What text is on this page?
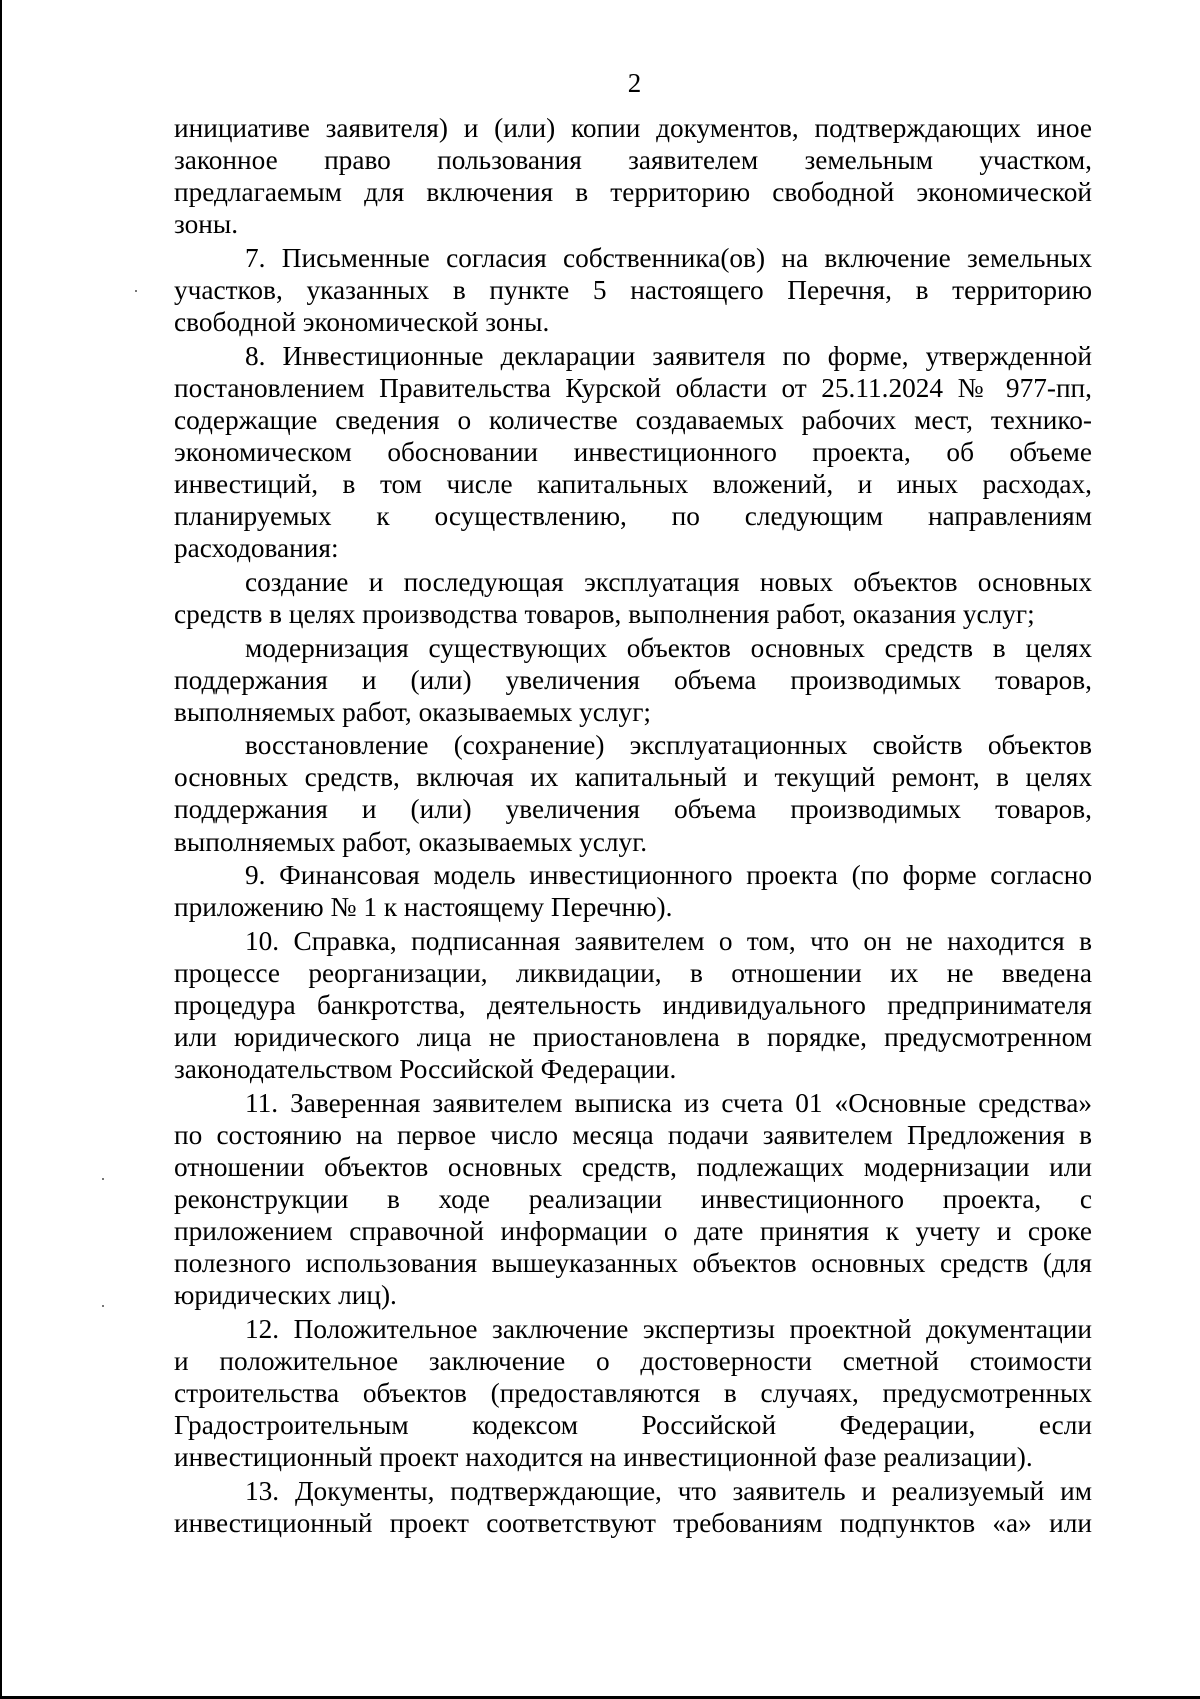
2
инициативе заявителя) и (или) копии документов, подтверждающих иное
законное право пользования заявителем земельным участком,
предлагаемым для включения в территорию свободной экономической
зоны.
7. Письменные согласия собственника(ов) на включение земельных
участков, указанных в пункте 5 настоящего Перечня, в территорию
свободной экономической зоны.
8. Инвестиционные декларации заявителя по форме, утвержденной
постановлением Правительства Курской области от 25.11.2024 № 977-пп,
содержащие сведения о количестве создаваемых рабочих мест, технико-
экономическом обосновании инвестиционного проекта, об объеме
инвестиций, в том числе капитальных вложений, и иных расходах,
планируемых к осуществлению, по следующим направлениям
расходования:
создание и последующая эксплуатация новых объектов основных
средств в целях производства товаров, выполнения работ, оказания услуг;
модернизация существующих объектов основных средств в целях
поддержания и (или) увеличения объема производимых товаров,
выполняемых работ, оказываемых услуг;
восстановление (сохранение) эксплуатационных свойств объектов
основных средств, включая их капитальный и текущий ремонт, в целях
поддержания и (или) увеличения объема производимых товаров,
выполняемых работ, оказываемых услуг.
9. Финансовая модель инвестиционного проекта (по форме согласно
приложению № 1 к настоящему Перечню).
10. Справка, подписанная заявителем о том, что он не находится в
процессе реорганизации, ликвидации, в отношении их не введена
процедура банкротства, деятельность индивидуального предпринимателя
или юридического лица не приостановлена в порядке, предусмотренном
законодательством Российской Федерации.
11. Заверенная заявителем выписка из счета 01 «Основные средства»
по состоянию на первое число месяца подачи заявителем Предложения в
отношении объектов основных средств, подлежащих модернизации или
реконструкции в ходе реализации инвестиционного проекта, с
приложением справочной информации о дате принятия к учету и сроке
полезного использования вышеуказанных объектов основных средств (для
юридических лиц).
12. Положительное заключение экспертизы проектной документации
и положительное заключение о достоверности сметной стоимости
строительства объектов (предоставляются в случаях, предусмотренных
Градостроительным кодексом Российской Федерации, если
инвестиционный проект находится на инвестиционной фазе реализации).
13. Документы, подтверждающие, что заявитель и реализуемый им
инвестиционный проект соответствуют требованиям подпунктов «а» или
